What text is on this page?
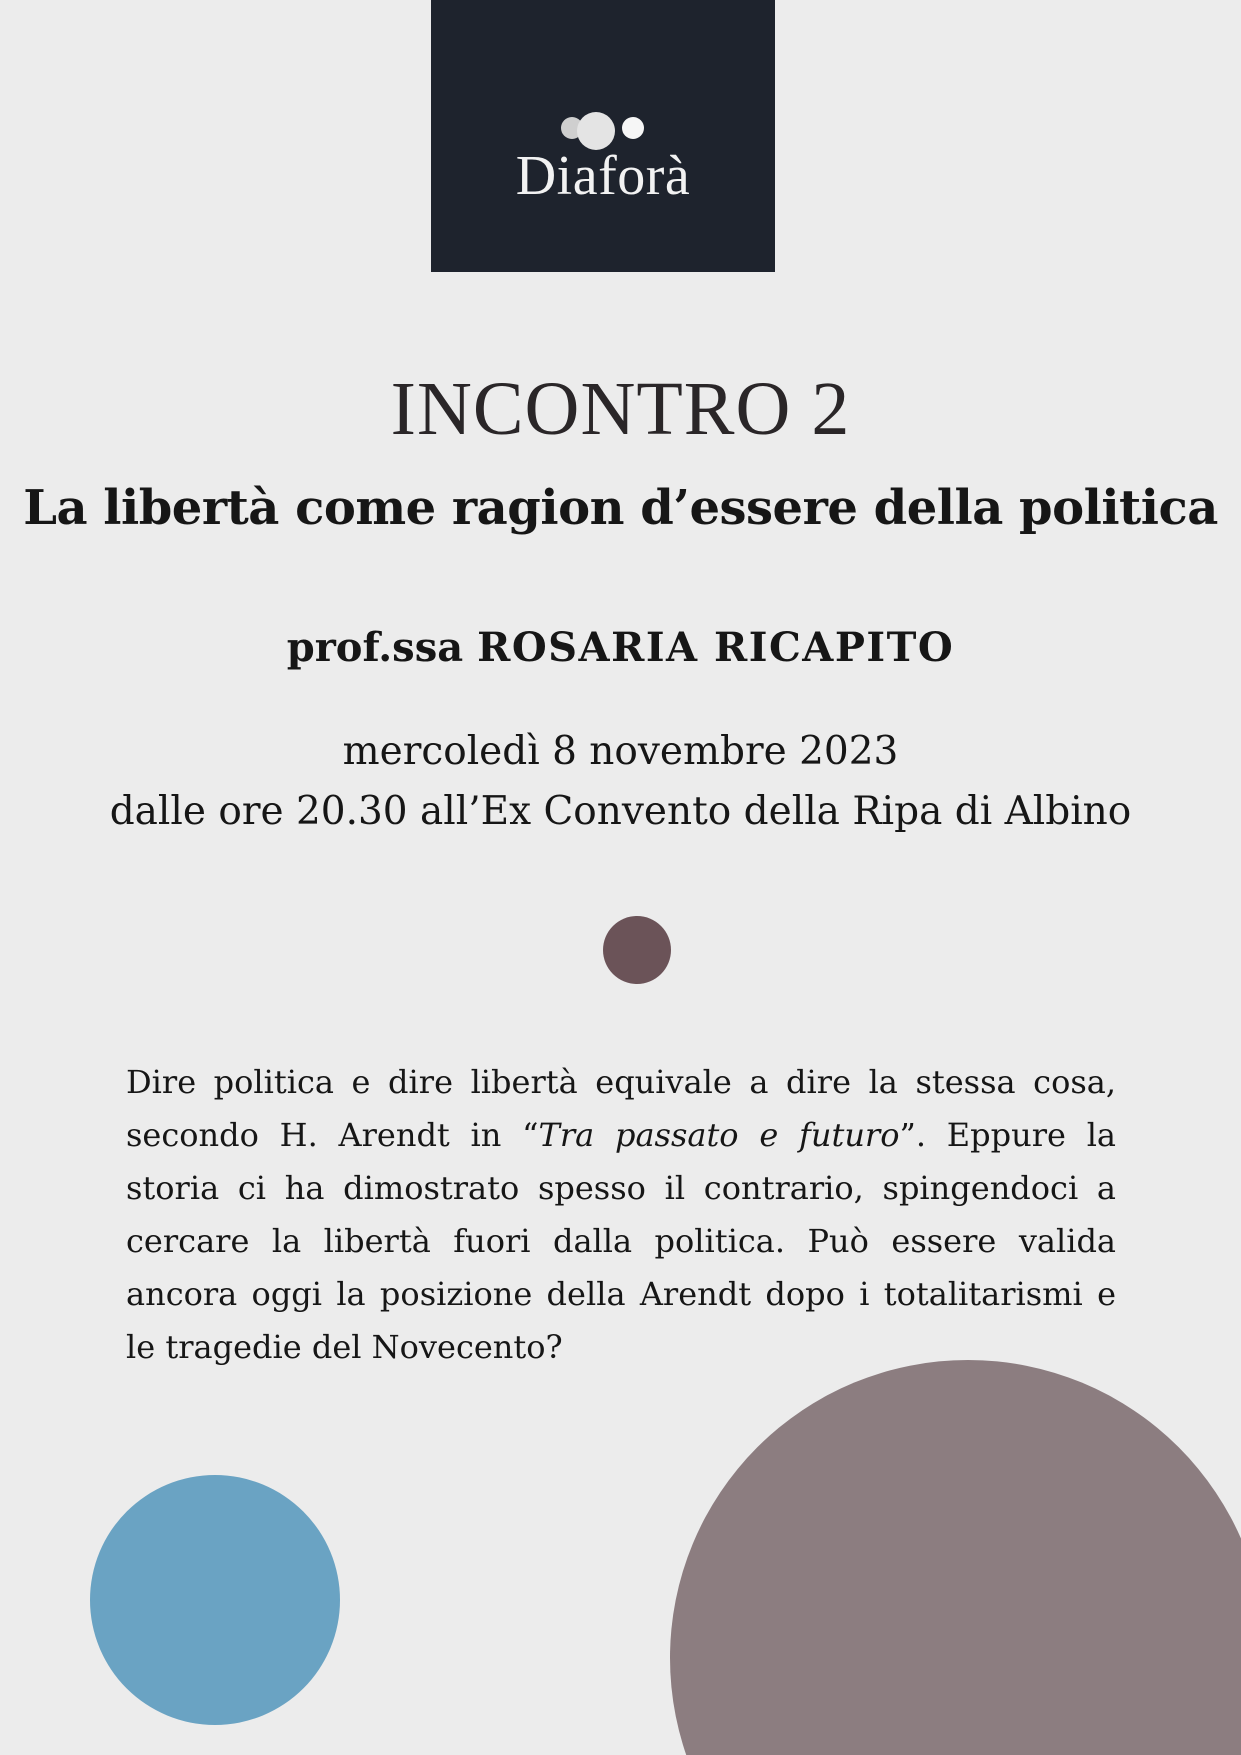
Diaforà
INCONTRO 2
La libertà come ragion d’essere della politica
prof.ssa ROSARIA RICAPITO
mercoledì 8 novembre 2023
dalle ore 20.30 all’Ex Convento della Ripa di Albino

Dire politica e dire libertà equivale a dire la stessa cosa, secondo H. Arendt in “Tra passato e futuro”. Eppure la storia ci ha dimostrato spesso il contrario, spingendoci a cercare la libertà fuori dalla politica. Può essere valida ancora oggi la posizione della Arendt dopo i totalitarismi e le tragedie del Novecento?
